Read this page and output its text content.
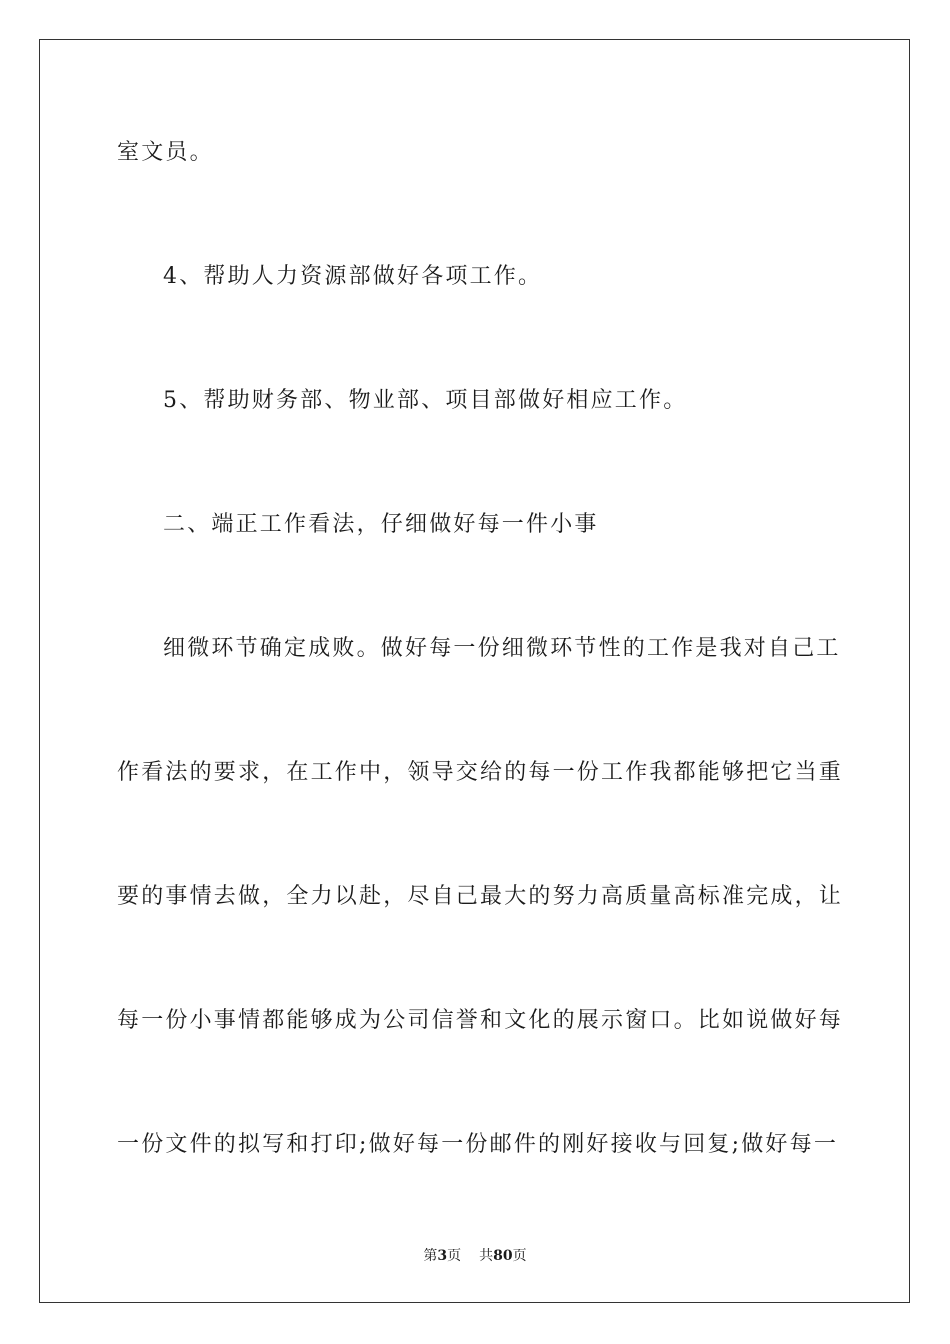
室文员。
4、帮助人力资源部做好各项工作。
5、帮助财务部、物业部、项目部做好相应工作。
二、端正工作看法，仔细做好每一件小事
细微环节确定成败。做好每一份细微环节性的工作是我对自己工
作看法的要求，在工作中，领导交给的每一份工作我都能够把它当重
要的事情去做，全力以赴，尽自己最大的努力高质量高标准完成，让
每一份小事情都能够成为公司信誉和文化的展示窗口。比如说做好每
一份文件的拟写和打印;做好每一份邮件的刚好接收与回复;做好每一
第3页 共80页
